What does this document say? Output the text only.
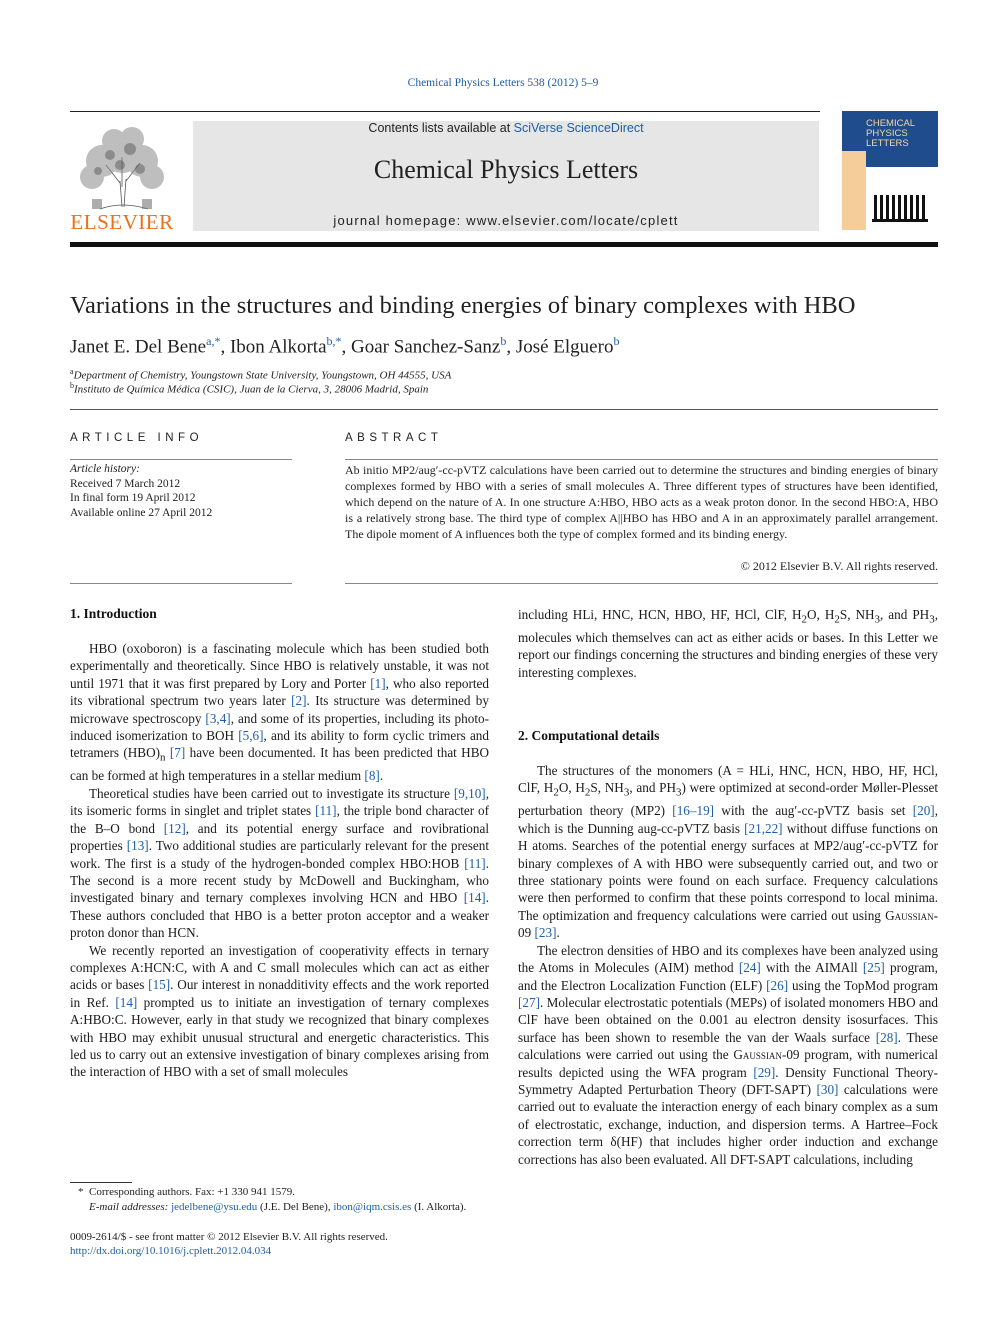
Chemical Physics Letters 538 (2012) 5–9
ELSEVIER
Contents lists available at SciVerse ScienceDirect
Chemical Physics Letters
journal homepage: www.elsevier.com/locate/cplett
CHEMICAL
PHYSICS
LETTERS
Variations in the structures and binding energies of binary complexes with HBO
Janet E. Del Bene$^{a,*}$, Ibon Alkorta$^{b,*}$, Goar Sanchez-Sanz$^b$, José Elguero$^b$
$^a$Department of Chemistry, Youngstown State University, Youngstown, OH 44555, USA
$^b$Instituto de Química Médica (CSIC), Juan de la Cierva, 3, 28006 Madrid, Spain
ARTICLE INFO
Article history:
Received 7 March 2012
In final form 19 April 2012
Available online 27 April 2012
ABSTRACT
Ab initio MP2/aug′-cc-pVTZ calculations have been carried out to determine the structures and binding energies of binary complexes formed by HBO with a series of small molecules A. Three different types of structures have been identified, which depend on the nature of A. In one structure A:HBO, HBO acts as a weak proton donor. In the second HBO:A, HBO is a relatively strong base. The third type of complex A||HBO has HBO and A in an approximately parallel arrangement. The dipole moment of A influences both the type of complex formed and its binding energy.
© 2012 Elsevier B.V. All rights reserved.
1. Introduction

HBO (oxoboron) is a fascinating molecule which has been studied both experimentally and theoretically. Since HBO is relatively unstable, it was not until 1971 that it was first prepared by Lory and Porter [1], who also reported its vibrational spectrum two years later [2]. Its structure was determined by microwave spectroscopy [3,4], and some of its properties, including its photo-induced isomerization to BOH [5,6], and its ability to form cyclic trimers and tetramers $(HBO)_n$ [7] have been documented. It has been predicted that HBO can be formed at high temperatures in a stellar medium [8].

Theoretical studies have been carried out to investigate its structure [9,10], its isomeric forms in singlet and triplet states [11], the triple bond character of the B–O bond [12], and its potential energy surface and rovibrational properties [13]. Two additional studies are particularly relevant for the present work. The first is a study of the hydrogen-bonded complex HBO:HOB [11]. The second is a more recent study by McDowell and Buckingham, who investigated binary and ternary complexes involving HCN and HBO [14]. These authors concluded that HBO is a better proton acceptor and a weaker proton donor than HCN.

We recently reported an investigation of cooperativity effects in ternary complexes A:HCN:C, with A and C small molecules which can act as either acids or bases [15]. Our interest in nonadditivity effects and the work reported in Ref. [14] prompted us to initiate an investigation of ternary complexes A:HBO:C. However, early in that study we recognized that binary complexes with HBO may exhibit unusual structural and energetic characteristics. This led us to carry out an extensive investigation of binary complexes arising from the interaction of HBO with a set of small molecules

including HLi, HNC, HCN, HBO, HF, HCl, ClF, $H_2O$, $H_2S$, $NH_3$, and $PH_3$, molecules which themselves can act as either acids or bases. In this Letter we report our findings concerning the structures and binding energies of these very interesting complexes.

2. Computational details

The structures of the monomers (A = HLi, HNC, HCN, HBO, HF, HCl, ClF, $H_2O$, $H_2S$, $NH_3$, and $PH_3$) were optimized at second-order Møller-Plesset perturbation theory (MP2) [16–19] with the aug′-cc-pVTZ basis set [20], which is the Dunning aug-cc-pVTZ basis [21,22] without diffuse functions on H atoms. Searches of the potential energy surfaces at MP2/aug′-cc-pVTZ for binary complexes of A with HBO were subsequently carried out, and two or three stationary points were found on each surface. Frequency calculations were then performed to confirm that these points correspond to local minima. The optimization and frequency calculations were carried out using Gaussian-09 [23].

The electron densities of HBO and its complexes have been analyzed using the Atoms in Molecules (AIM) method [24] with the AIMAll [25] program, and the Electron Localization Function (ELF) [26] using the TopMod program [27]. Molecular electrostatic potentials (MEPs) of isolated monomers HBO and ClF have been obtained on the 0.001 au electron density isosurfaces. This surface has been shown to resemble the van der Waals surface [28]. These calculations were carried out using the Gaussian-09 program, with numerical results depicted using the WFA program [29]. Density Functional Theory-Symmetry Adapted Perturbation Theory (DFT-SAPT) [30] calculations were carried out to evaluate the interaction energy of each binary complex as a sum of electrostatic, exchange, induction, and dispersion terms. A Hartree–Fock correction term δ(HF) that includes higher order induction and exchange corrections has also been evaluated. All DFT-SAPT calculations, including

*  Corresponding authors. Fax: +1 330 941 1579.
E-mail addresses: jedelbene@ysu.edu (J.E. Del Bene), ibon@iqm.csis.es (I. Alkorta).
0009-2614/$ - see front matter © 2012 Elsevier B.V. All rights reserved.
http://dx.doi.org/10.1016/j.cplett.2012.04.034
